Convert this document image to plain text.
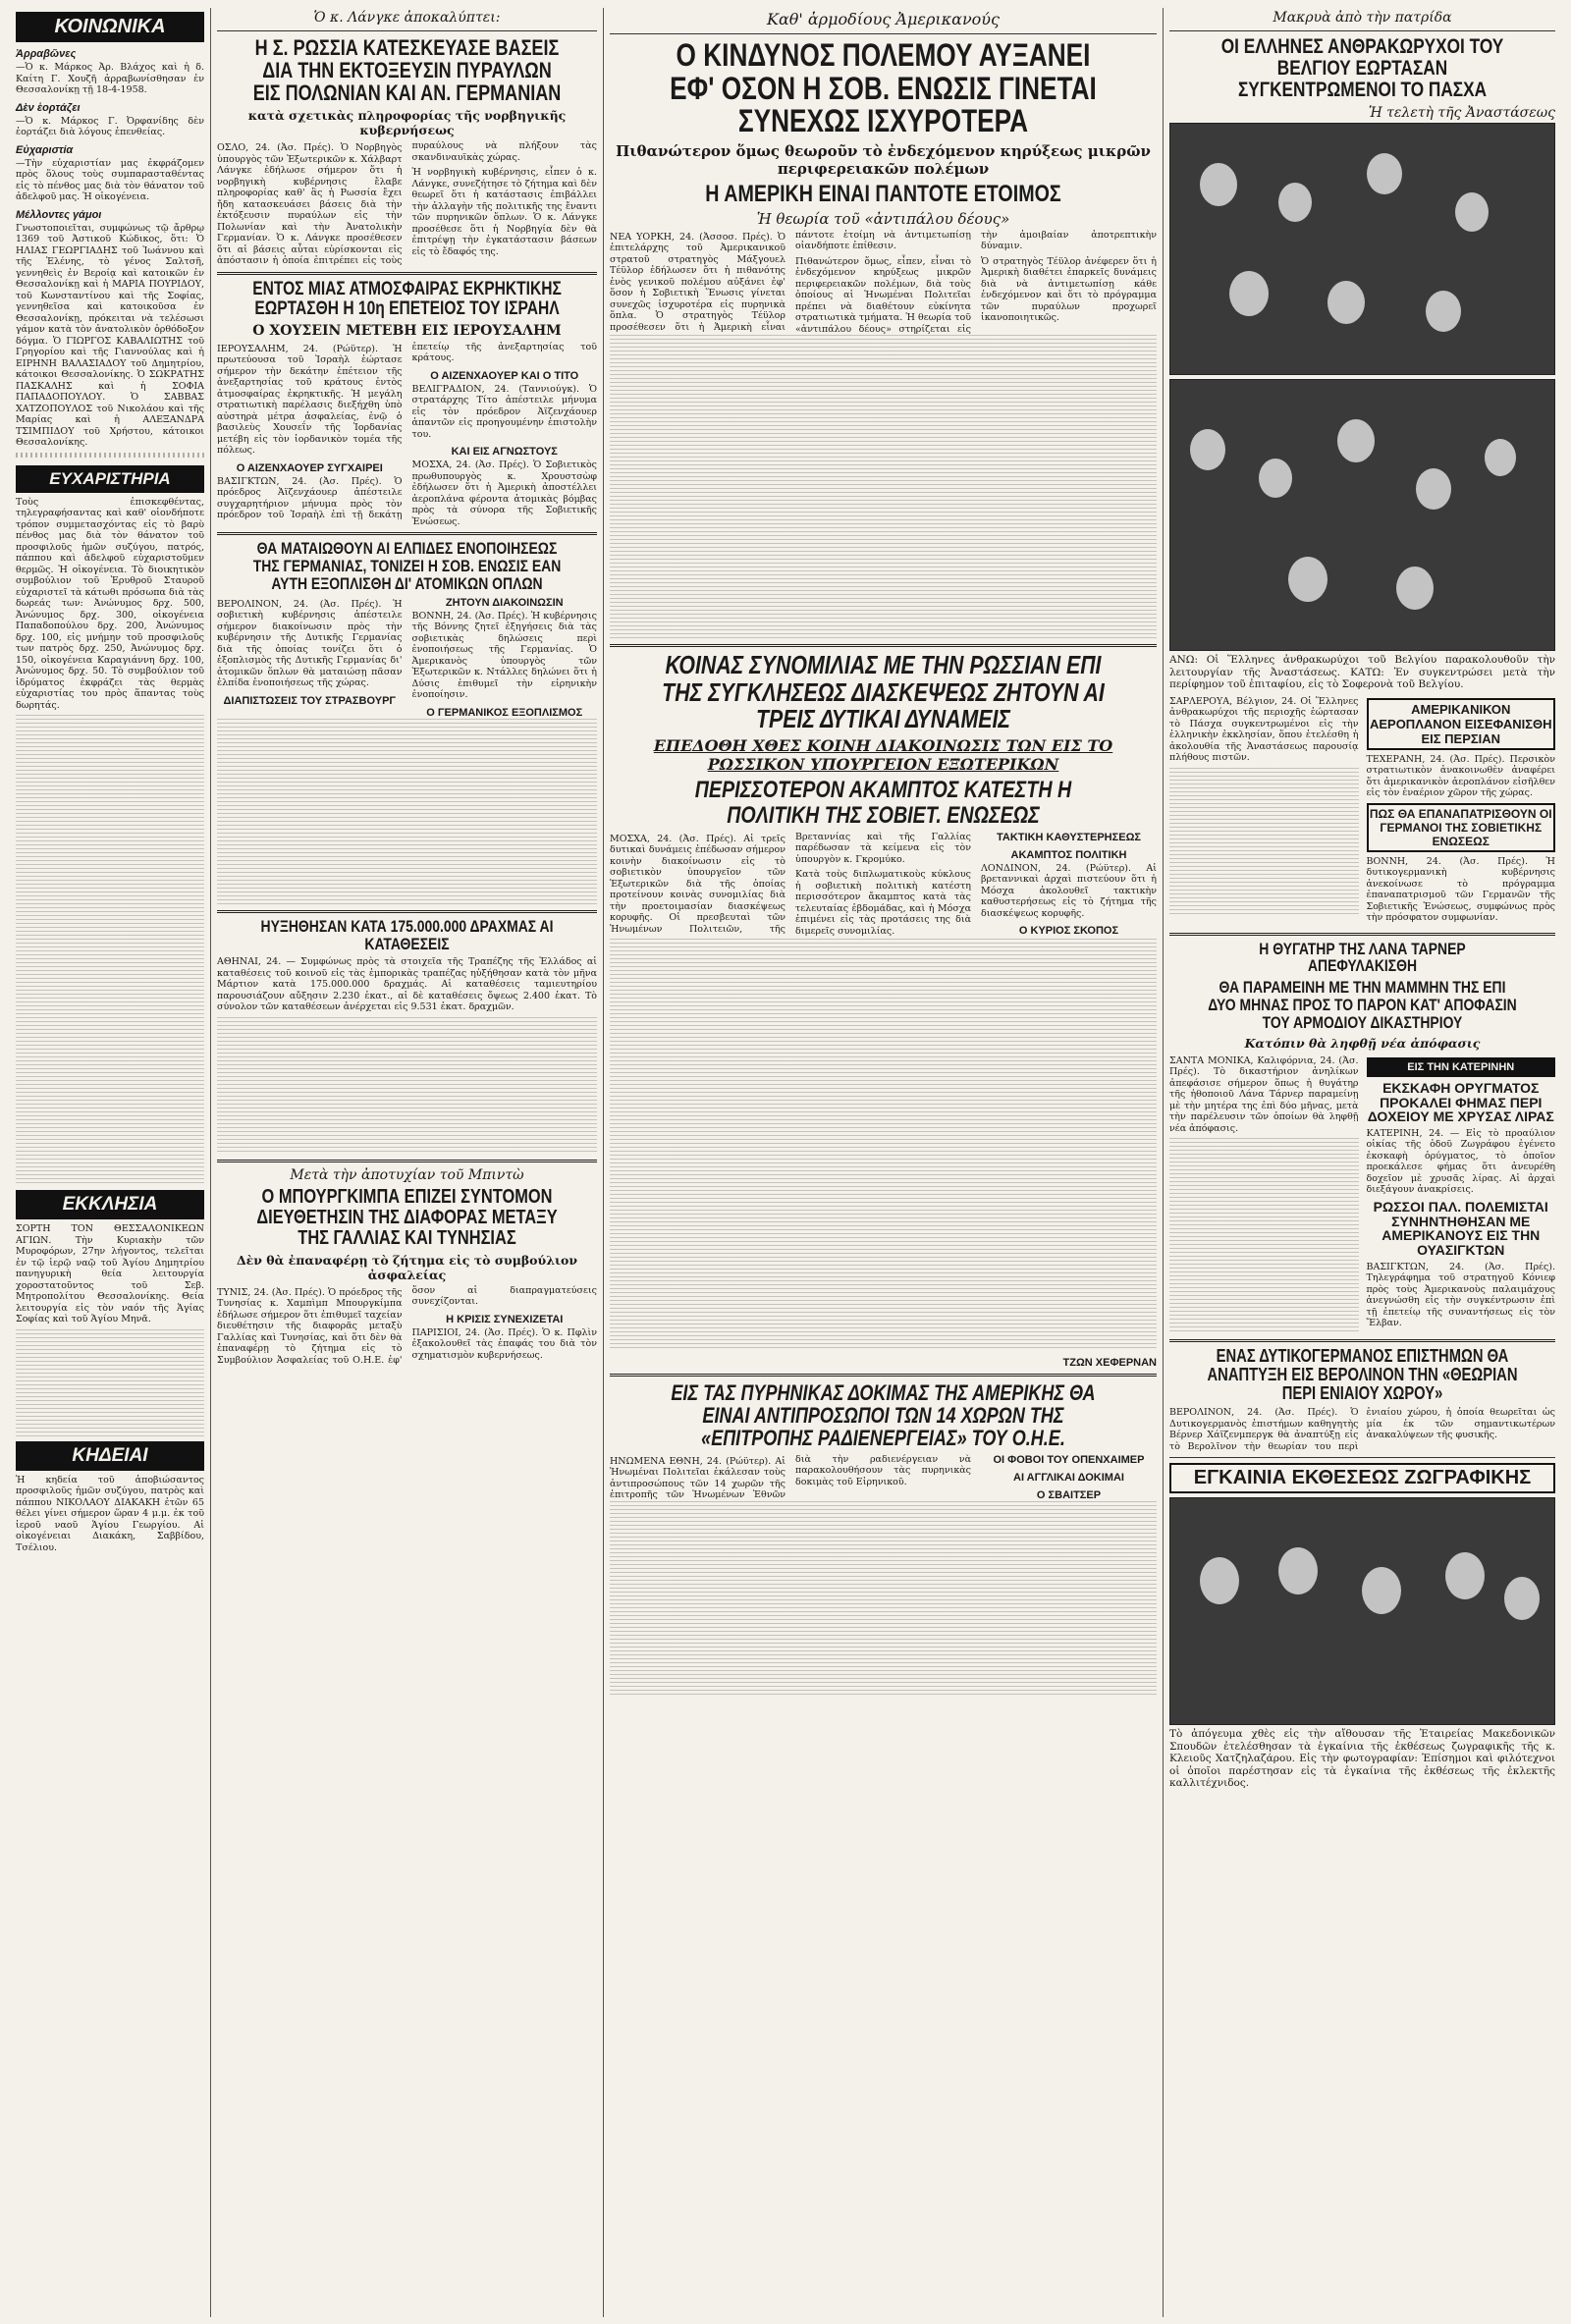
ΚΟΙΝΩΝΙΚΑ
Ἀρραβῶνες

—Ὁ κ. Μάρκος Ἀρ. Βλάχος καὶ ἡ δ. Καίτη Γ. Χουζῆ ἀρραβωνίσθησαν ἐν Θεσσαλονίκῃ τῇ 18-4-1958.

Δὲν ἑορτάζει

—Ὁ κ. Μάρκος Γ. Ὀρφανίδης δὲν ἑορτάζει διὰ λόγους ἐπενθείας.

Εὐχαριστία

—Τὴν εὐχαριστίαν μας ἐκφράζομεν πρὸς ὅλους τοὺς συμπαρασταθέντας εἰς τὸ πένθος μας διὰ τὸν θάνατον τοῦ ἀδελφοῦ μας. Ἡ οἰκογένεια.

Μέλλοντες γάμοι

Γνωστοποιεῖται, συμφώνως τῷ ἄρθρῳ 1369 τοῦ Ἀστικοῦ Κώδικος, ὅτι: Ὁ ΗΛΙΑΣ ΓΕΩΡΓΙΑΔΗΣ τοῦ Ἰωάννου καὶ τῆς Ἑλένης, τὸ γένος Σαλτσῆ, γεννηθεὶς ἐν Βεροίᾳ καὶ κατοικῶν ἐν Θεσσαλονίκῃ καὶ ἡ ΜΑΡΙΑ ΠΟΥΡΙΔΟΥ, τοῦ Κωνσταντίνου καὶ τῆς Σοφίας, γεννηθεῖσα καὶ κατοικοῦσα ἐν Θεσσαλονίκῃ, πρόκειται νὰ τελέσωσι γάμον κατὰ τὸν ἀνατολικὸν ὀρθόδοξον δόγμα. Ὁ ΓΙΩΡΓΟΣ ΚΑΒΑΛΙΩΤΗΣ τοῦ Γρηγορίου καὶ τῆς Γιαννούλας καὶ ἡ ΕΙΡΗΝΗ ΒΑΛΑΣΙΑΔΟΥ τοῦ Δημητρίου, κάτοικοι Θεσσαλονίκης. Ὁ ΣΩΚΡΑΤΗΣ ΠΑΣΚΑΛΗΣ καὶ ἡ ΣΟΦΙΑ ΠΑΠΑΔΟΠΟΥΛΟΥ. Ὁ ΣΑΒΒΑΣ ΧΑΤΖΟΠΟΥΛΟΣ τοῦ Νικολάου καὶ τῆς Μαρίας καὶ ἡ ΑΛΕΞΑΝΔΡΑ ΤΣΙΜΠΙΔΟΥ τοῦ Χρήστου, κάτοικοι Θεσσαλονίκης.

ΕΥΧΑΡΙΣΤΗΡΙΑ

Τοὺς ἐπισκεφθέντας, τηλεγραφήσαντας καὶ καθ' οἱονδήποτε τρόπον συμμετασχόντας εἰς τὸ βαρὺ πένθος μας διὰ τὸν θάνατον τοῦ προσφιλοῦς ἡμῶν συζύγου, πατρός, πάππου καὶ ἀδελφοῦ εὐχαριστοῦμεν θερμῶς. Ἡ οἰκογένεια. Τὸ διοικητικὸν συμβούλιον τοῦ Ἐρυθροῦ Σταυροῦ εὐχαριστεῖ τὰ κάτωθι πρόσωπα διὰ τὰς δωρεάς των: Ἀνώνυμος δρχ. 500, Ἀνώνυμος δρχ. 300, οἰκογένεια Παπαδοπούλου δρχ. 200, Ἀνώνυμος δρχ. 100, εἰς μνήμην τοῦ προσφιλοῦς των πατρὸς δρχ. 250, Ἀνώνυμος δρχ. 150, οἰκογένεια Καραγιάννη δρχ. 100, Ἀνώνυμος δρχ. 50. Τὸ συμβούλιον τοῦ ἱδρύματος ἐκφράζει τὰς θερμὰς εὐχαριστίας του πρὸς ἅπαντας τοὺς δωρητάς.

ΕΚΚΛΗΣΙΑ

ΣΟΡΤΗ ΤΟΝ ΘΕΣΣΑΛΟΝΙΚΕΩΝ ΑΓΙΩΝ. Τὴν Κυριακὴν τῶν Μυροφόρων, 27ην λήγοντος, τελεῖται ἐν τῷ ἱερῷ ναῷ τοῦ Ἁγίου Δημητρίου πανηγυρικὴ θεία λειτουργία χοροστατοῦντος τοῦ Σεβ. Μητροπολίτου Θεσσαλονίκης. Θεία λειτουργία εἰς τὸν ναόν τῆς Ἁγίας Σοφίας καὶ τοῦ Ἁγίου Μηνᾶ.

ΚΗΔΕΙΑΙ

Ἡ κηδεία τοῦ ἀποβιώσαντος προσφιλοῦς ἡμῶν συζύγου, πατρὸς καὶ πάππου ΝΙΚΟΛΑΟΥ ΔΙΑΚΑΚΗ ἐτῶν 65 θέλει γίνει σήμερον ὥραν 4 μ.μ. ἐκ τοῦ ἱεροῦ ναοῦ Ἁγίου Γεωργίου. Αἱ οἰκογένειαι Διακάκη, Σαββίδου, Τσέλιου.

Ὁ κ. Λάνγκε ἀποκαλύπτει:
Η Σ. ΡΩΣΣΙΑ ΚΑΤΕΣΚΕΥΑΣΕ ΒΑΣΕΙΣ ΔΙΑ ΤΗΝ ΕΚΤΟΞΕΥΣΙΝ ΠΥΡΑΥΛΩΝ ΕΙΣ ΠΟΛΩΝΙΑΝ ΚΑΙ ΑΝ. ΓΕΡΜΑΝΙΑΝ
κατὰ σχετικὰς πληροφορίας τῆς νορβηγικῆς κυβερνήσεως

ΟΣΛΟ, 24. (Ἀσ. Πρές). Ὁ Νορβηγὸς ὑπουργὸς τῶν Ἐξωτερικῶν κ. Χάλβαρτ Λάνγκε ἐδήλωσε σήμερον ὅτι ἡ νορβηγικὴ κυβέρνησις ἔλαβε πληροφορίας καθ' ἃς ἡ Ρωσσία ἔχει ἤδη κατασκευάσει βάσεις διὰ τὴν ἐκτόξευσιν πυραύλων εἰς τὴν Πολωνίαν καὶ τὴν Ἀνατολικὴν Γερμανίαν. Ὁ κ. Λάνγκε προσέθεσεν ὅτι αἱ βάσεις αὗται εὑρίσκονται εἰς ἀπόστασιν ἡ ὁποία ἐπιτρέπει εἰς τοὺς πυραύλους νὰ πλήξουν τὰς σκανδιναυϊκὰς χώρας.

Ἡ νορβηγικὴ κυβέρνησις, εἶπεν ὁ κ. Λάνγκε, συνεζήτησε τὸ ζήτημα καὶ δὲν θεωρεῖ ὅτι ἡ κατάστασις ἐπιβάλλει τὴν ἀλλαγὴν τῆς πολιτικῆς της ἔναντι τῶν πυρηνικῶν ὅπλων. Ὁ κ. Λάνγκε προσέθεσε ὅτι ἡ Νορβηγία δὲν θὰ ἐπιτρέψῃ τὴν ἐγκατάστασιν βάσεων εἰς τὸ ἔδαφός της.

ΕΝΤΟΣ ΜΙΑΣ ΑΤΜΟΣΦΑΙΡΑΣ ΕΚΡΗΚΤΙΚΗΣ ΕΩΡΤΑΣΘΗ Η 10η ΕΠΕΤΕΙΟΣ ΤΟΥ ΙΣΡΑΗΛ
Ο ΧΟΥΣΕΙΝ ΜΕΤΕΒΗ ΕΙΣ ΙΕΡΟΥΣΑΛΗΜ

ΙΕΡΟΥΣΑΛΗΜ, 24. (Ρώϋτερ). Ἡ πρωτεύουσα τοῦ Ἰσραὴλ ἑώρτασε σήμερον τὴν δεκάτην ἐπέτειον τῆς ἀνεξαρτησίας τοῦ κράτους ἐντὸς ἀτμοσφαίρας ἐκρηκτικῆς. Ἡ μεγάλη στρατιωτικὴ παρέλασις διεξήχθη ὑπὸ αὐστηρὰ μέτρα ἀσφαλείας, ἐνῷ ὁ βασιλεὺς Χουσεΐν τῆς Ἰορδανίας μετέβη εἰς τὸν ἰορδανικὸν τομέα τῆς πόλεως.

Ο ΑΙΖΕΝΧΑΟΥΕΡ ΣΥΓΧΑΙΡΕΙ

ΒΑΣΙΓΚΤΩΝ, 24. (Ἀσ. Πρές). Ὁ πρόεδρος Ἀϊζενχάουερ ἀπέστειλε συγχαρητήριον μήνυμα πρὸς τὸν πρόεδρον τοῦ Ἰσραὴλ ἐπὶ τῇ δεκάτῃ ἐπετείῳ τῆς ἀνεξαρτησίας τοῦ κράτους.

Ο ΑΙΖΕΝΧΑΟΥΕΡ ΚΑΙ Ο ΤΙΤΟ

ΒΕΛΙΓΡΑΔΙΟΝ, 24. (Ταννιούγκ). Ὁ στρατάρχης Τίτο ἀπέστειλε μήνυμα εἰς τὸν πρόεδρον Ἀϊζενχάουερ ἀπαντῶν εἰς προηγουμένην ἐπιστολὴν του.

ΚΑΙ ΕΙΣ ΑΓΝΩΣΤΟΥΣ

ΜΟΣΧΑ, 24. (Ἀσ. Πρές). Ὁ Σοβιετικὸς πρωθυπουργὸς κ. Χρουστσὼφ ἐδήλωσεν ὅτι ἡ Ἀμερικὴ ἀποστέλλει ἀεροπλάνα φέροντα ἀτομικὰς βόμβας πρὸς τὰ σύνορα τῆς Σοβιετικῆς Ἑνώσεως.

ΘΑ ΜΑΤΑΙΩΘΟΥΝ ΑΙ ΕΛΠΙΔΕΣ ΕΝΟΠΟΙΗΣΕΩΣ ΤΗΣ ΓΕΡΜΑΝΙΑΣ, ΤΟΝΙΖΕΙ Η ΣΟΒ. ΕΝΩΣΙΣ ΕΑΝ ΑΥΤΗ ΕΞΟΠΛΙΣΘΗ ΔΙ' ΑΤΟΜΙΚΩΝ ΟΠΛΩΝ

ΒΕΡΟΛΙΝΟΝ, 24. (Ἀσ. Πρές). Ἡ σοβιετικὴ κυβέρνησις ἀπέστειλε σήμερον διακοίνωσιν πρὸς τὴν κυβέρνησιν τῆς Δυτικῆς Γερμανίας διὰ τῆς ὁποίας τονίζει ὅτι ὁ ἐξοπλισμὸς τῆς Δυτικῆς Γερμανίας δι' ἀτομικῶν ὅπλων θὰ ματαιώσῃ πᾶσαν ἐλπίδα ἐνοποιήσεως τῆς χώρας.

ΔΙΑΠΙΣΤΩΣΕΙΣ ΤΟΥ ΣΤΡΑΣΒΟΥΡΓ
ΖΗΤΟΥΝ ΔΙΑΚΟΙΝΩΣΙΝ

ΒΟΝΝΗ, 24. (Ἀσ. Πρές). Ἡ κυβέρνησις τῆς Βόννης ζητεῖ ἐξηγήσεις διὰ τὰς σοβιετικὰς δηλώσεις περὶ ἐνοποιήσεως τῆς Γερμανίας. Ὁ Ἀμερικανὸς ὑπουργὸς τῶν Ἐξωτερικῶν κ. Ντάλλες δηλώνει ὅτι ἡ Δύσις ἐπιθυμεῖ τὴν εἰρηνικὴν ἐνοποίησιν.

Ο ΓΕΡΜΑΝΙΚΟΣ ΕΞΟΠΛΙΣΜΟΣ
ΗΥΞΗΘΗΣΑΝ ΚΑΤΑ 175.000.000 ΔΡΑΧΜΑΣ ΑΙ ΚΑΤΑΘΕΣΕΙΣ

ΑΘΗΝΑΙ, 24. — Συμφώνως πρὸς τὰ στοιχεῖα τῆς Τραπέζης τῆς Ἑλλάδος αἱ καταθέσεις τοῦ κοινοῦ εἰς τὰς ἐμπορικὰς τραπέζας ηὐξήθησαν κατὰ τὸν μῆνα Μάρτιον κατὰ 175.000.000 δραχμάς. Αἱ καταθέσεις ταμιευτηρίου παρουσιάζουν αὔξησιν 2.230 ἑκατ., αἱ δὲ καταθέσεις ὄψεως 2.400 ἑκατ. Τὸ σύνολον τῶν καταθέσεων ἀνέρχεται εἰς 9.531 ἑκατ. δραχμῶν.

Μετὰ τὴν ἀποτυχίαν τοῦ Μπιντὼ
Ο ΜΠΟΥΡΓΚΙΜΠΑ ΕΠΙΖΕΙ ΣΥΝΤΟΜΟΝ ΔΙΕΥΘΕΤΗΣΙΝ ΤΗΣ ΔΙΑΦΟΡΑΣ ΜΕΤΑΞΥ ΤΗΣ ΓΑΛΛΙΑΣ ΚΑΙ ΤΥΝΗΣΙΑΣ
Δὲν θὰ ἐπαναφέρῃ τὸ ζήτημα εἰς τὸ συμβούλιον ἀσφαλείας

ΤΥΝΙΣ, 24. (Ἀσ. Πρές). Ὁ πρόεδρος τῆς Τυνησίας κ. Χαμπὶμπ Μπουργκίμπα ἐδήλωσε σήμερον ὅτι ἐπιθυμεῖ ταχείαν διευθέτησιν τῆς διαφορᾶς μεταξὺ Γαλλίας καὶ Τυνησίας, καὶ ὅτι δὲν θὰ ἐπαναφέρῃ τὸ ζήτημα εἰς τὸ Συμβούλιον Ἀσφαλείας τοῦ Ο.Η.Ε. ἐφ' ὅσον αἱ διαπραγματεύσεις συνεχίζονται.

Η ΚΡΙΣΙΣ ΣΥΝΕΧΙΖΕΤΑΙ

ΠΑΡΙΣΙΟΙ, 24. (Ἀσ. Πρές). Ὁ κ. Πφλὶν ἐξακολουθεῖ τὰς ἐπαφάς του διὰ τὸν σχηματισμὸν κυβερνήσεως.

Καθ' ἁρμοδίους Ἀμερικανούς
Ο ΚΙΝΔΥΝΟΣ ΠΟΛΕΜΟΥ ΑΥΞΑΝΕΙ ΕΦ' ΟΣΟΝ Η ΣΟΒ. ΕΝΩΣΙΣ ΓΙΝΕΤΑΙ ΣΥΝΕΧΩΣ ΙΣΧΥΡΟΤΕΡΑ
Πιθανώτερον ὅμως θεωροῦν τὸ ἐνδεχόμενον κηρύξεως μικρῶν περιφερειακῶν πολέμων
Η ΑΜΕΡΙΚΗ ΕΙΝΑΙ ΠΑΝΤΟΤΕ ΕΤΟΙΜΟΣ
Ἡ θεωρία τοῦ «ἀντιπάλου δέους»

ΝΕΑ ΥΟΡΚΗ, 24. (Ἀσσοσ. Πρές). Ὁ ἐπιτελάρχης τοῦ Ἀμερικανικοῦ στρατοῦ στρατηγὸς Μάξγουελ Τέϋλορ ἐδήλωσεν ὅτι ἡ πιθανότης ἐνὸς γενικοῦ πολέμου αὐξάνει ἐφ' ὅσον ἡ Σοβιετικὴ Ἕνωσις γίνεται συνεχῶς ἰσχυροτέρα εἰς πυρηνικὰ ὅπλα. Ὁ στρατηγὸς Τέϋλορ προσέθεσεν ὅτι ἡ Ἀμερικὴ εἶναι πάντοτε ἑτοίμη νὰ ἀντιμετωπίσῃ οἱανδήποτε ἐπίθεσιν.

Πιθανώτερον ὅμως, εἶπεν, εἶναι τὸ ἐνδεχόμενον κηρύξεως μικρῶν περιφερειακῶν πολέμων, διὰ τοὺς ὁποίους αἱ Ἡνωμέναι Πολιτεῖαι πρέπει νὰ διαθέτουν εὐκίνητα στρατιωτικὰ τμήματα. Ἡ θεωρία τοῦ «ἀντιπάλου δέους» στηρίζεται εἰς τὴν ἀμοιβαίαν ἀποτρεπτικὴν δύναμιν.

Ὁ στρατηγὸς Τέϋλορ ἀνέφερεν ὅτι ἡ Ἀμερικὴ διαθέτει ἐπαρκεῖς δυνάμεις διὰ νὰ ἀντιμετωπίσῃ κάθε ἐνδεχόμενον καὶ ὅτι τὸ πρόγραμμα τῶν πυραύλων προχωρεῖ ἱκανοποιητικῶς.

ΚΟΙΝΑΣ ΣΥΝΟΜΙΛΙΑΣ ΜΕ ΤΗΝ ΡΩΣΣΙΑΝ ΕΠΙ ΤΗΣ ΣΥΓΚΛΗΣΕΩΣ ΔΙΑΣΚΕΨΕΩΣ ΖΗΤΟΥΝ ΑΙ ΤΡΕΙΣ ΔΥΤΙΚΑΙ ΔΥΝΑΜΕΙΣ
ΕΠΕΔΟΘΗ ΧΘΕΣ ΚΟΙΝΗ ΔΙΑΚΟΙΝΩΣΙΣ ΤΩΝ ΕΙΣ ΤΟ ΡΩΣΣΙΚΟΝ ΥΠΟΥΡΓΕΙΟΝ ΕΞΩΤΕΡΙΚΩΝ
ΠΕΡΙΣΣΟΤΕΡΟΝ ΑΚΑΜΠΤΟΣ ΚΑΤΕΣΤΗ Η ΠΟΛΙΤΙΚΗ ΤΗΣ ΣΟΒΙΕΤ. ΕΝΩΣΕΩΣ

ΜΟΣΧΑ, 24. (Ἀσ. Πρές). Αἱ τρεῖς δυτικαὶ δυνάμεις ἐπέδωσαν σήμερον κοινὴν διακοίνωσιν εἰς τὸ σοβιετικὸν ὑπουργεῖον τῶν Ἐξωτερικῶν διὰ τῆς ὁποίας προτείνουν κοινὰς συνομιλίας διὰ τὴν προετοιμασίαν διασκέψεως κορυφῆς. Οἱ πρεσβευταὶ τῶν Ἡνωμένων Πολιτειῶν, τῆς Βρεταννίας καὶ τῆς Γαλλίας παρέδωσαν τὰ κείμενα εἰς τὸν ὑπουργὸν κ. Γκρομύκο.

Κατὰ τοὺς διπλωματικοὺς κύκλους ἡ σοβιετικὴ πολιτικὴ κατέστη περισσότερον ἄκαμπτος κατὰ τὰς τελευταίας ἑβδομάδας, καὶ ἡ Μόσχα ἐπιμένει εἰς τὰς προτάσεις της διὰ διμερεῖς συνομιλίας.

ΤΑΚΤΙΚΗ ΚΑΘΥΣΤΕΡΗΣΕΩΣ
ΑΚΑΜΠΤΟΣ ΠΟΛΙΤΙΚΗ

ΛΟΝΔΙΝΟΝ, 24. (Ρώϋτερ). Αἱ βρεταννικαὶ ἀρχαὶ πιστεύουν ὅτι ἡ Μόσχα ἀκολουθεῖ τακτικὴν καθυστερήσεως εἰς τὸ ζήτημα τῆς διασκέψεως κορυφῆς.

Ο ΚΥΡΙΟΣ ΣΚΟΠΟΣ
ΤΖΩΝ ΧΕΦΕΡΝΑΝ
ΕΙΣ ΤΑΣ ΠΥΡΗΝΙΚΑΣ ΔΟΚΙΜΑΣ ΤΗΣ ΑΜΕΡΙΚΗΣ ΘΑ ΕΙΝΑΙ ΑΝΤΙΠΡΟΣΩΠΟΙ ΤΩΝ 14 ΧΩΡΩΝ ΤΗΣ «ΕΠΙΤΡΟΠΗΣ ΡΑΔΙΕΝΕΡΓΕΙΑΣ» ΤΟΥ Ο.Η.Ε.

ΗΝΩΜΕΝΑ ΕΘΝΗ, 24. (Ρώϋτερ). Αἱ Ἡνωμέναι Πολιτεῖαι ἐκάλεσαν τοὺς ἀντιπροσώπους τῶν 14 χωρῶν τῆς ἐπιτροπῆς τῶν Ἡνωμένων Ἐθνῶν διὰ τὴν ραδιενέργειαν νὰ παρακολουθήσουν τὰς πυρηνικὰς δοκιμὰς τοῦ Εἰρηνικοῦ.

ΟΙ ΦΟΒΟΙ ΤΟΥ ΟΠΕΝΧΑΙΜΕΡ
ΑΙ ΑΓΓΛΙΚΑΙ ΔΟΚΙΜΑΙ
Ο ΣΒΑΙΤΣΕΡ
Μακρυὰ ἀπὸ τὴν πατρίδα
ΟΙ ΕΛΛΗΝΕΣ ΑΝΘΡΑΚΩΡΥΧΟΙ ΤΟΥ ΒΕΛΓΙΟΥ ΕΩΡΤΑΣΑΝ ΣΥΓΚΕΝΤΡΩΜΕΝΟΙ ΤΟ ΠΑΣΧΑ
Ἡ τελετὴ τῆς Ἀναστάσεως

ΑΝΩ: Οἱ Ἕλληνες ἀνθρακωρύχοι τοῦ Βελγίου παρακολουθοῦν τὴν λειτουργίαν τῆς Ἀναστάσεως. ΚΑΤΩ: Ἐν συγκεντρώσει μετὰ τὴν περίφημον τοῦ ἐπιταφίου, εἰς τὸ Σοφερονὰ τοῦ Βελγίου.

ΣΑΡΛΕΡΟΥΑ, Βέλγιον, 24. Οἱ Ἕλληνες ἀνθρακωρύχοι τῆς περιοχῆς ἑώρτασαν τὸ Πάσχα συγκεντρωμένοι εἰς τὴν ἑλληνικὴν ἐκκλησίαν, ὅπου ἐτελέσθη ἡ ἀκολουθία τῆς Ἀναστάσεως παρουσίᾳ πλήθους πιστῶν.

ΑΜΕΡΙΚΑΝΙΚΟΝ ΑΕΡΟΠΛΑΝΟΝ ΕΙΣΕΦΑΝΙΣΘΗ ΕΙΣ ΠΕΡΣΙΑΝ

ΤΕΧΕΡΑΝΗ, 24. (Ἀσ. Πρές). Περσικὸν στρατιωτικὸν ἀνακοινωθὲν ἀναφέρει ὅτι ἀμερικανικὸν ἀεροπλάνον εἰσῆλθεν εἰς τὸν ἐναέριον χῶρον τῆς χώρας.

ΠΩΣ ΘΑ ΕΠΑΝΑΠΑΤΡΙΣΘΟΥΝ ΟΙ ΓΕΡΜΑΝΟΙ ΤΗΣ ΣΟΒΙΕΤΙΚΗΣ ΕΝΩΣΕΩΣ

ΒΟΝΝΗ, 24. (Ἀσ. Πρές). Ἡ δυτικογερμανικὴ κυβέρνησις ἀνεκοίνωσε τὸ πρόγραμμα ἐπαναπατρισμοῦ τῶν Γερμανῶν τῆς Σοβιετικῆς Ἑνώσεως, συμφώνως πρὸς τὴν πρόσφατον συμφωνίαν.

Η ΘΥΓΑΤΗΡ ΤΗΣ ΛΑΝΑ ΤΑΡΝΕΡ ΑΠΕΦΥΛΑΚΙΣΘΗ
ΘΑ ΠΑΡΑΜΕΙΝΗ ΜΕ ΤΗΝ ΜΑΜΜΗΝ ΤΗΣ ΕΠΙ ΔΥΟ ΜΗΝΑΣ ΠΡΟΣ ΤΟ ΠΑΡΟΝ ΚΑΤ' ΑΠΟΦΑΣΙΝ ΤΟΥ ΑΡΜΟΔΙΟΥ ΔΙΚΑΣΤΗΡΙΟΥ
Κατόπιν θὰ ληφθῇ νέα ἀπόφασις

ΣΑΝΤΑ ΜΟΝΙΚΑ, Καλιφόρνια, 24. (Ἀσ. Πρές). Τὸ δικαστήριον ἀνηλίκων ἀπεφάσισε σήμερον ὅπως ἡ θυγάτηρ τῆς ἠθοποιοῦ Λάνα Τάρνερ παραμείνῃ μὲ τὴν μητέρα της ἐπὶ δύο μῆνας, μετὰ τὴν παρέλευσιν τῶν ὁποίων θὰ ληφθῇ νέα ἀπόφασις.

ΕΙΣ ΤΗΝ ΚΑΤΕΡΙΝΗΝ
ΕΚΣΚΑΦΗ ΟΡΥΓΜΑΤΟΣ ΠΡΟΚΑΛΕΙ ΦΗΜΑΣ ΠΕΡΙ ΔΟΧΕΙΟΥ ΜΕ ΧΡΥΣΑΣ ΛΙΡΑΣ

ΚΑΤΕΡΙΝΗ, 24. — Εἰς τὸ προαύλιον οἰκίας τῆς ὁδοῦ Ζωγράφου ἐγένετο ἐκσκαφὴ ὀρύγματος, τὸ ὁποῖον προεκάλεσε φήμας ὅτι ἀνευρέθη δοχεῖον μὲ χρυσᾶς λίρας. Αἱ ἀρχαὶ διεξάγουν ἀνακρίσεις.

ΡΩΣΣΟΙ ΠΑΛ. ΠΟΛΕΜΙΣΤΑΙ ΣΥΝΗΝΤΗΘΗΣΑΝ ΜΕ ΑΜΕΡΙΚΑΝΟΥΣ ΕΙΣ ΤΗΝ ΟΥΑΣΙΓΚΤΩΝ

ΒΑΣΙΓΚΤΩΝ, 24. (Ἀσ. Πρές). Τηλεγράφημα τοῦ στρατηγοῦ Κόνιεφ πρὸς τοὺς Ἀμερικανοὺς παλαιμάχους ἀνεγνώσθη εἰς τὴν συγκέντρωσιν ἐπὶ τῇ ἐπετείῳ τῆς συναντήσεως εἰς τὸν Ἔλβαν.

ΕΝΑΣ ΔΥΤΙΚΟΓΕΡΜΑΝΟΣ ΕΠΙΣΤΗΜΩΝ ΘΑ ΑΝΑΠΤΥΞΗ ΕΙΣ ΒΕΡΟΛΙΝΟΝ ΤΗΝ «ΘΕΩΡΙΑΝ ΠΕΡΙ ΕΝΙΑΙΟΥ ΧΩΡΟΥ»

ΒΕΡΟΛΙΝΟΝ, 24. (Ἀσ. Πρές). Ὁ Δυτικογερμανὸς ἐπιστήμων καθηγητὴς Βέρνερ Χάϊζενμπεργκ θὰ ἀναπτύξῃ εἰς τὸ Βερολῖνον τὴν θεωρίαν του περὶ ἑνιαίου χώρου, ἡ ὁποία θεωρεῖται ὡς μία ἐκ τῶν σημαντικωτέρων ἀνακαλύψεων τῆς φυσικῆς.

ΕΓΚΑΙΝΙΑ ΕΚΘΕΣΕΩΣ ΖΩΓΡΑΦΙΚΗΣ

Τὸ ἀπόγευμα χθὲς εἰς τὴν αἴθουσαν τῆς Ἑταιρείας Μακεδονικῶν Σπουδῶν ἐτελέσθησαν τὰ ἐγκαίνια τῆς ἐκθέσεως ζωγραφικῆς τῆς κ. Κλειοῦς Χατζηλαζάρου. Εἰς τὴν φωτογραφίαν: Ἐπίσημοι καὶ φιλότεχνοι οἱ ὁποῖοι παρέστησαν εἰς τὰ ἐγκαίνια τῆς ἐκθέσεως τῆς ἐκλεκτῆς καλλιτέχνιδος.
